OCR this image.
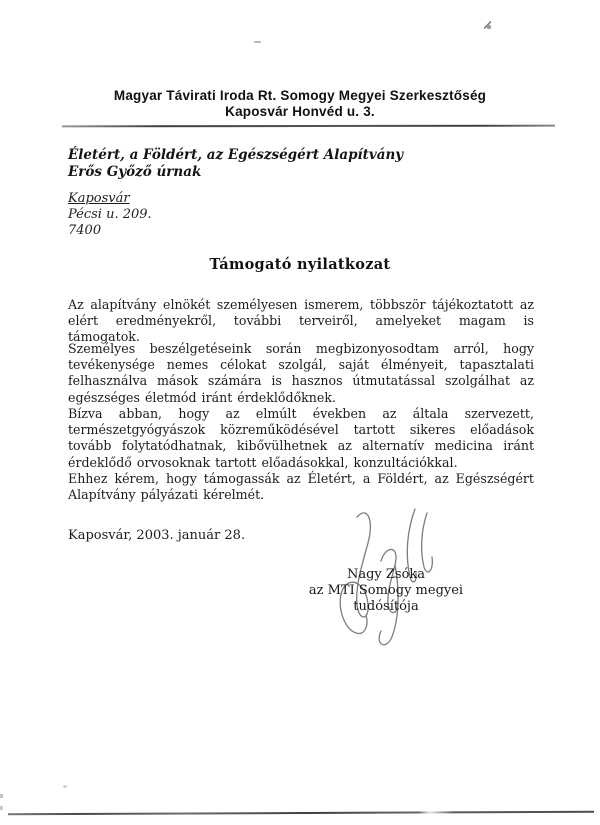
Magyar Távirati Iroda Rt. Somogy Megyei Szerkesztőség
Kaposvár Honvéd u. 3.
Életért, a Földért, az Egészségért Alapítvány
Erős Győző úrnak
Kaposvár
Pécsi u. 209.
7400
Támogató nyilatkozat

Az alapítvány elnökét személyesen ismerem, többször tájékoztatott az elért eredményekről, további terveiről, amelyeket magam is támogatok.

Személyes beszélgetéseink során megbizonyosodtam arról, hogy tevékenysége nemes célokat szolgál, saját élményeit, tapasztalati felhasználva mások számára is hasznos útmutatással szolgálhat az egészséges életmód iránt érdeklődőknek.

Bízva abban, hogy az elmúlt években az általa szervezett, természetgyógyászok közreműködésével tartott sikeres előadások tovább folytatódhatnak, kibővülhetnek az alternatív medicina iránt érdeklődő orvosoknak tartott előadásokkal, konzultációkkal.

Ehhez kérem, hogy támogassák az Életért, a Földért, az Egészségért Alapítvány pályázati kérelmét.

Kaposvár, 2003. január 28.
Nagy Zsóka
az MTI Somogy megyei tudósítója
